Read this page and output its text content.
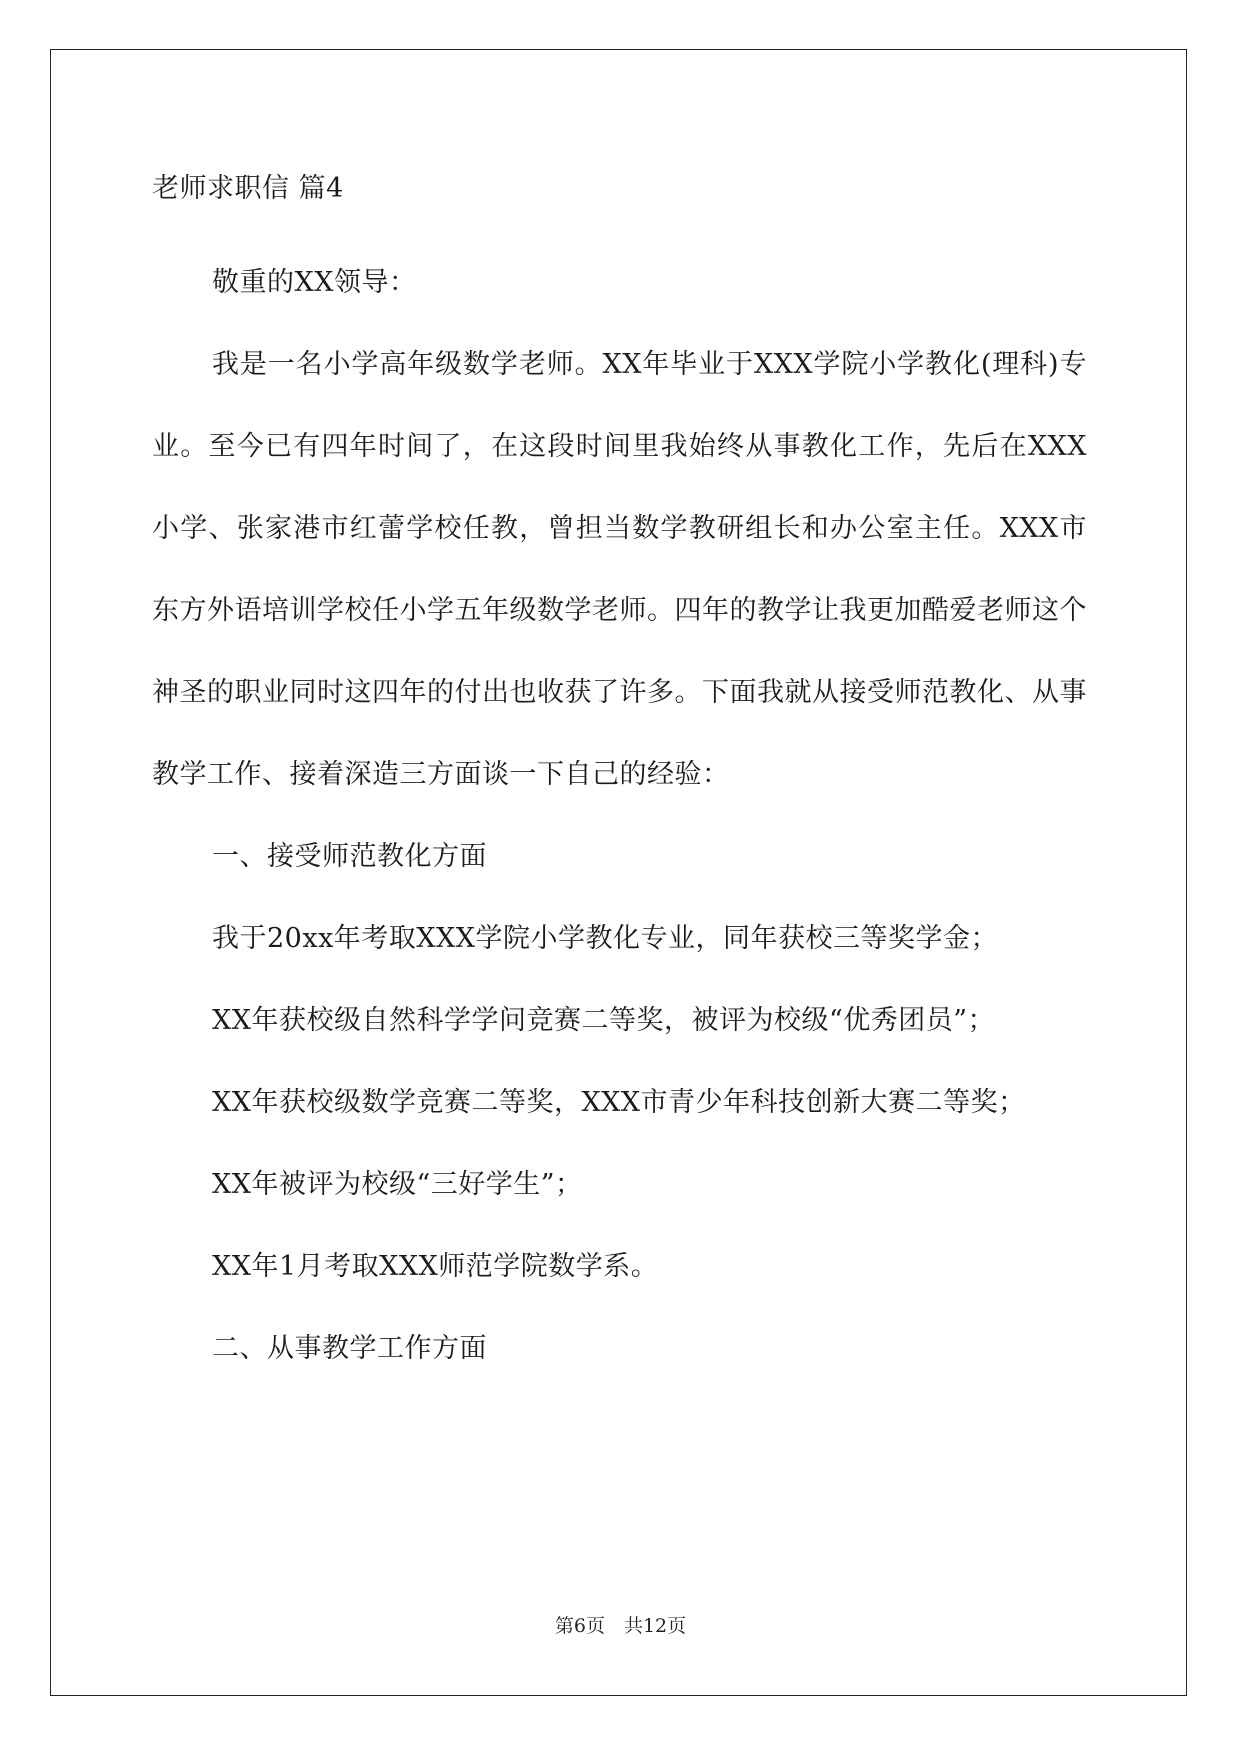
老师求职信 篇4

敬重的XX领导：

我是一名小学高年级数学老师。XX年毕业于XXX学院小学教化(理科)专业。至今已有四年时间了，在这段时间里我始终从事教化工作，先后在XXX小学、张家港市红蕾学校任教，曾担当数学教研组长和办公室主任。XXX市东方外语培训学校任小学五年级数学老师。四年的教学让我更加酷爱老师这个神圣的职业同时这四年的付出也收获了许多。下面我就从接受师范教化、从事教学工作、接着深造三方面谈一下自己的经验：

一、接受师范教化方面

我于20xx年考取XXX学院小学教化专业，同年获校三等奖学金；

XX年获校级自然科学学问竞赛二等奖，被评为校级“优秀团员”；

XX年获校级数学竞赛二等奖，XXX市青少年科技创新大赛二等奖；

XX年被评为校级“三好学生”；

XX年1月考取XXX师范学院数学系。

二、从事教学工作方面

第6页　共12页
